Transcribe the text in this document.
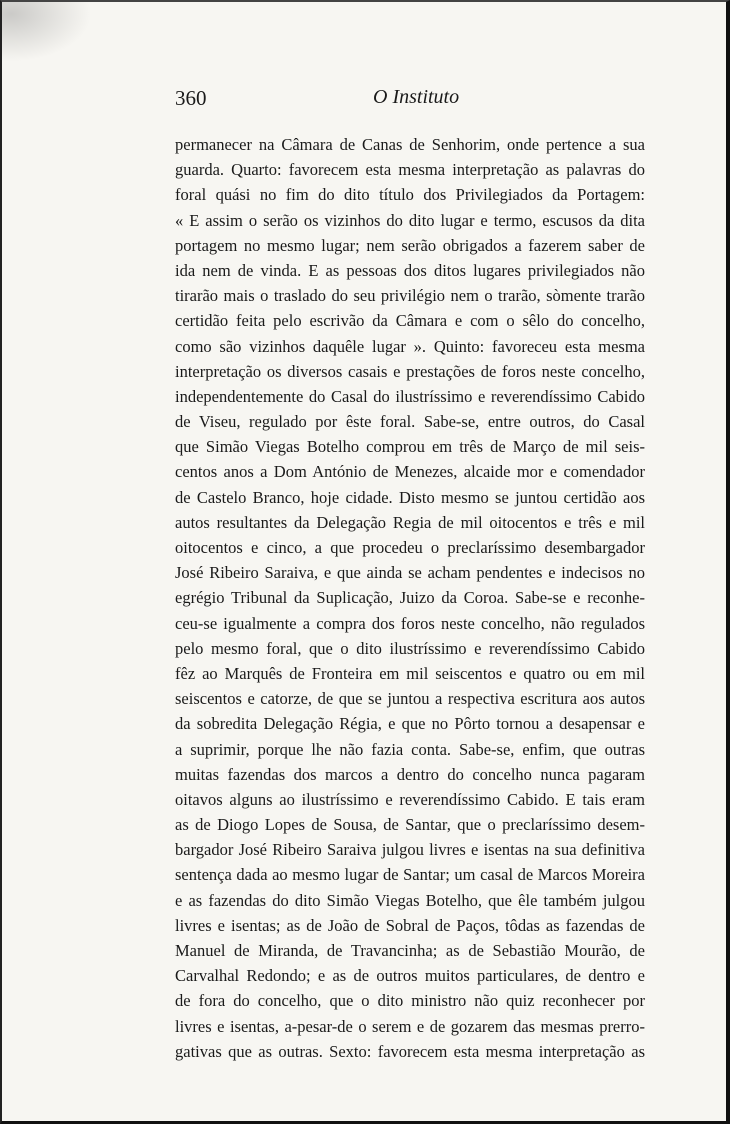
360	O Instituto
permanecer na Câmara de Canas de Senhorim, onde pertence a sua
guarda. Quarto: favorecem esta mesma interpretação as palavras do
foral quási no fim do dito título dos Privilegiados da Portagem:
« E assim o serão os vizinhos do dito lugar e termo, escusos da dita
portagem no mesmo lugar; nem serão obrigados a fazerem saber de
ida nem de vinda. E as pessoas dos ditos lugares privilegiados não
tirarão mais o traslado do seu privilégio nem o trarão, sòmente trarão
certidão feita pelo escrivão da Câmara e com o sêlo do concelho,
como são vizinhos daquêle lugar ». Quinto: favoreceu esta mesma
interpretação os diversos casais e prestações de foros neste concelho,
independentemente do Casal do ilustríssimo e reverendíssimo Cabido
de Viseu, regulado por êste foral. Sabe-se, entre outros, do Casal
que Simão Viegas Botelho comprou em três de Março de mil seis-
centos anos a Dom António de Menezes, alcaide mor e comendador
de Castelo Branco, hoje cidade. Disto mesmo se juntou certidão aos
autos resultantes da Delegação Regia de mil oitocentos e três e mil
oitocentos e cinco, a que procedeu o preclaríssimo desembargador
José Ribeiro Saraiva, e que ainda se acham pendentes e indecisos no
egrégio Tribunal da Suplicação, Juizo da Coroa. Sabe-se e reconhe-
ceu-se igualmente a compra dos foros neste concelho, não regulados
pelo mesmo foral, que o dito ilustríssimo e reverendíssimo Cabido
fêz ao Marquês de Fronteira em mil seiscentos e quatro ou em mil
seiscentos e catorze, de que se juntou a respectiva escritura aos autos
da sobredita Delegação Régia, e que no Pôrto tornou a desapensar e
a suprimir, porque lhe não fazia conta. Sabe-se, enfim, que outras
muitas fazendas dos marcos a dentro do concelho nunca pagaram
oitavos alguns ao ilustríssimo e reverendíssimo Cabido. E tais eram
as de Diogo Lopes de Sousa, de Santar, que o preclaríssimo desem-
bargador José Ribeiro Saraiva julgou livres e isentas na sua definitiva
sentença dada ao mesmo lugar de Santar; um casal de Marcos Moreira
e as fazendas do dito Simão Viegas Botelho, que êle também julgou
livres e isentas; as de João de Sobral de Paços, tôdas as fazendas de
Manuel de Miranda, de Travancinha; as de Sebastião Mourão, de
Carvalhal Redondo; e as de outros muitos particulares, de dentro e
de fora do concelho, que o dito ministro não quiz reconhecer por
livres e isentas, a-pesar-de o serem e de gozarem das mesmas prerro-
gativas que as outras. Sexto: favorecem esta mesma interpretação as
